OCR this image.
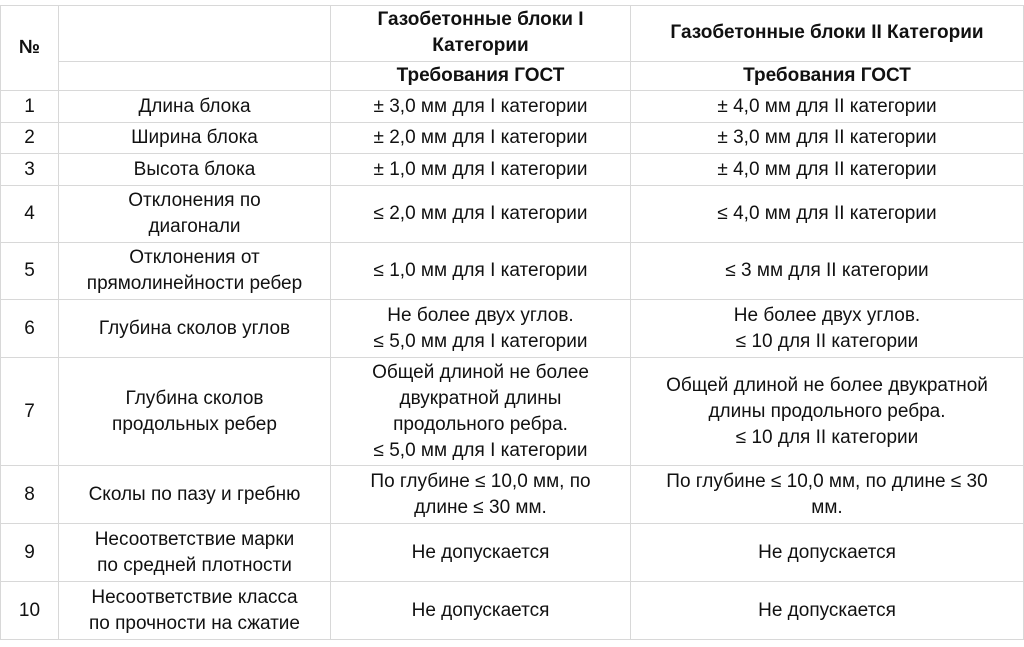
№		Газобетонные блоки I Категории	Газобетонные блоки II Категории
		Требования ГОСТ	Требования ГОСТ
1	Длина блока	± 3,0 мм для I категории	± 4,0 мм для II категории

2	Ширина блока	± 2,0 мм для I категории	± 3,0 мм для II категории

3	Высота блока	± 1,0 мм для I категории	± 4,0 мм для II категории

4	Отклонения по
диагонали	≤ 2,0 мм для I категории	≤ 4,0 мм для II категории

5	Отклонения от
прямолинейности ребер	≤ 1,0 мм для I категории	≤ 3 мм для II категории

6	Глубина сколов углов	Не более двух углов.
≤ 5,0 мм для I категории	Не более двух углов.
≤ 10 для II категории

7	Глубина сколов
продольных ребер	Общей длиной не более
двукратной длины
продольного ребра.
≤ 5,0 мм для I категории	Общей длиной не более двукратной
длины продольного ребра.
≤ 10 для II категории

8	Сколы по пазу и гребню	По глубине ≤ 10,0 мм, по
длине ≤ 30 мм.	По глубине ≤ 10,0 мм, по длине ≤ 30
мм.

9	Несоответствие марки
по средней плотности	Не допускается	Не допускается

10	Несоответствие класса
по прочности на сжатие	Не допускается	Не допускается
